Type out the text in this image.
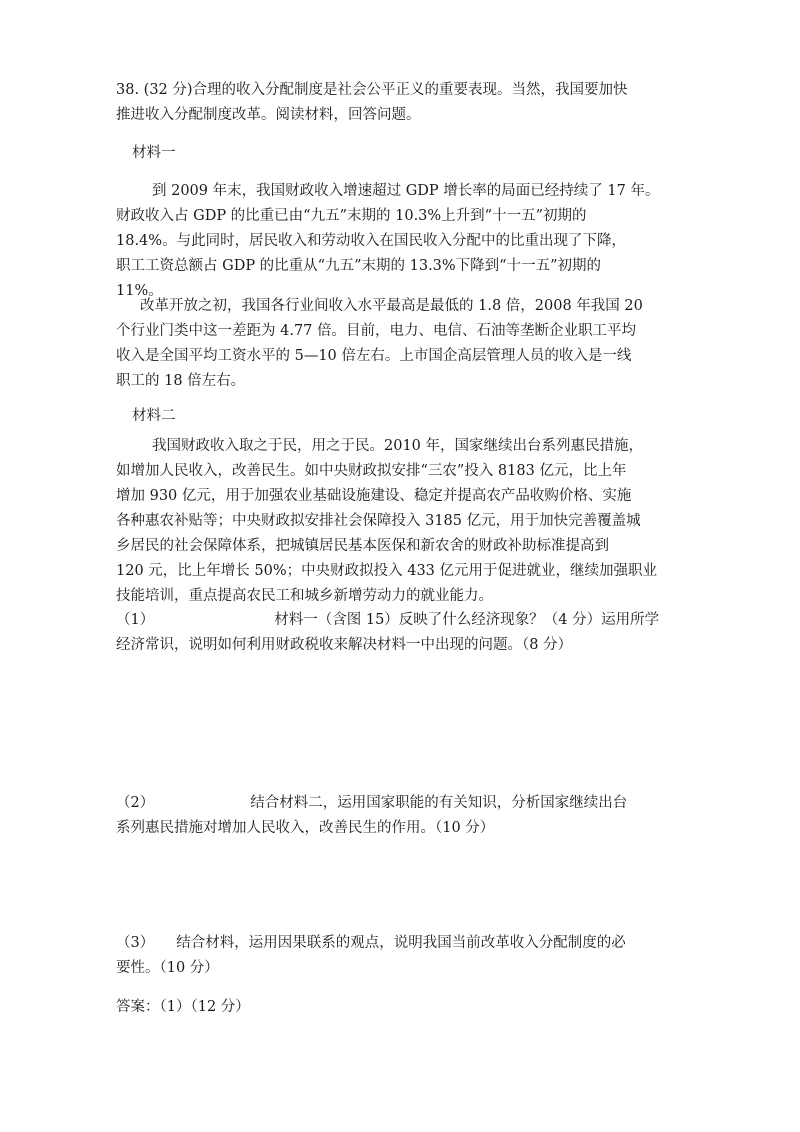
38. (32 分)合理的收入分配制度是社会公平正义的重要表现。当然，我国要加快
推进收入分配制度改革。阅读材料，回答问题。
材料一
到 2009 年末，我国财政收入增速超过 GDP 增长率的局面已经持续了 17 年。
财政收入占 GDP 的比重已由“九五”末期的 10.3%上升到“十一五”初期的
18.4%。与此同时，居民收入和劳动收入在国民收入分配中的比重出现了下降，
职工工资总额占 GDP 的比重从“九五”末期的 13.3%下降到“十一五”初期的
11%。
改革开放之初，我国各行业间收入水平最高是最低的 1.8 倍，2008 年我国 20
个行业门类中这一差距为 4.77 倍。目前，电力、电信、石油等垄断企业职工平均
收入是全国平均工资水平的 5—10 倍左右。上市国企高层管理人员的收入是一线
职工的 18 倍左右。
材料二
我国财政收入取之于民，用之于民。2010 年，国家继续出台系列惠民措施，
如增加人民收入，改善民生。如中央财政拟安排“三农”投入 8183 亿元，比上年
增加 930 亿元，用于加强农业基础设施建设、稳定并提高农产品收购价格、实施
各种惠农补贴等；中央财政拟安排社会保障投入 3185 亿元，用于加快完善覆盖城
乡居民的社会保障体系，把城镇居民基本医保和新农舍的财政补助标准提高到
120 元，比上年增长 50%；中央财政拟投入 433 亿元用于促进就业，继续加强职业
技能培训，重点提高农民工和城乡新增劳动力的就业能力。
（1）	材料一（含图 15）反映了什么经济现象？（4 分）运用所学
经济常识，说明如何利用财政税收来解决材料一中出现的问题。（8 分）
（2）	结合材料二，运用国家职能的有关知识，分析国家继续出台
系列惠民措施对增加人民收入，改善民生的作用。（10 分）
（3） 结合材料，运用因果联系的观点，说明我国当前改革收入分配制度的必
要性。（10 分）
答案：（1）（12 分）
